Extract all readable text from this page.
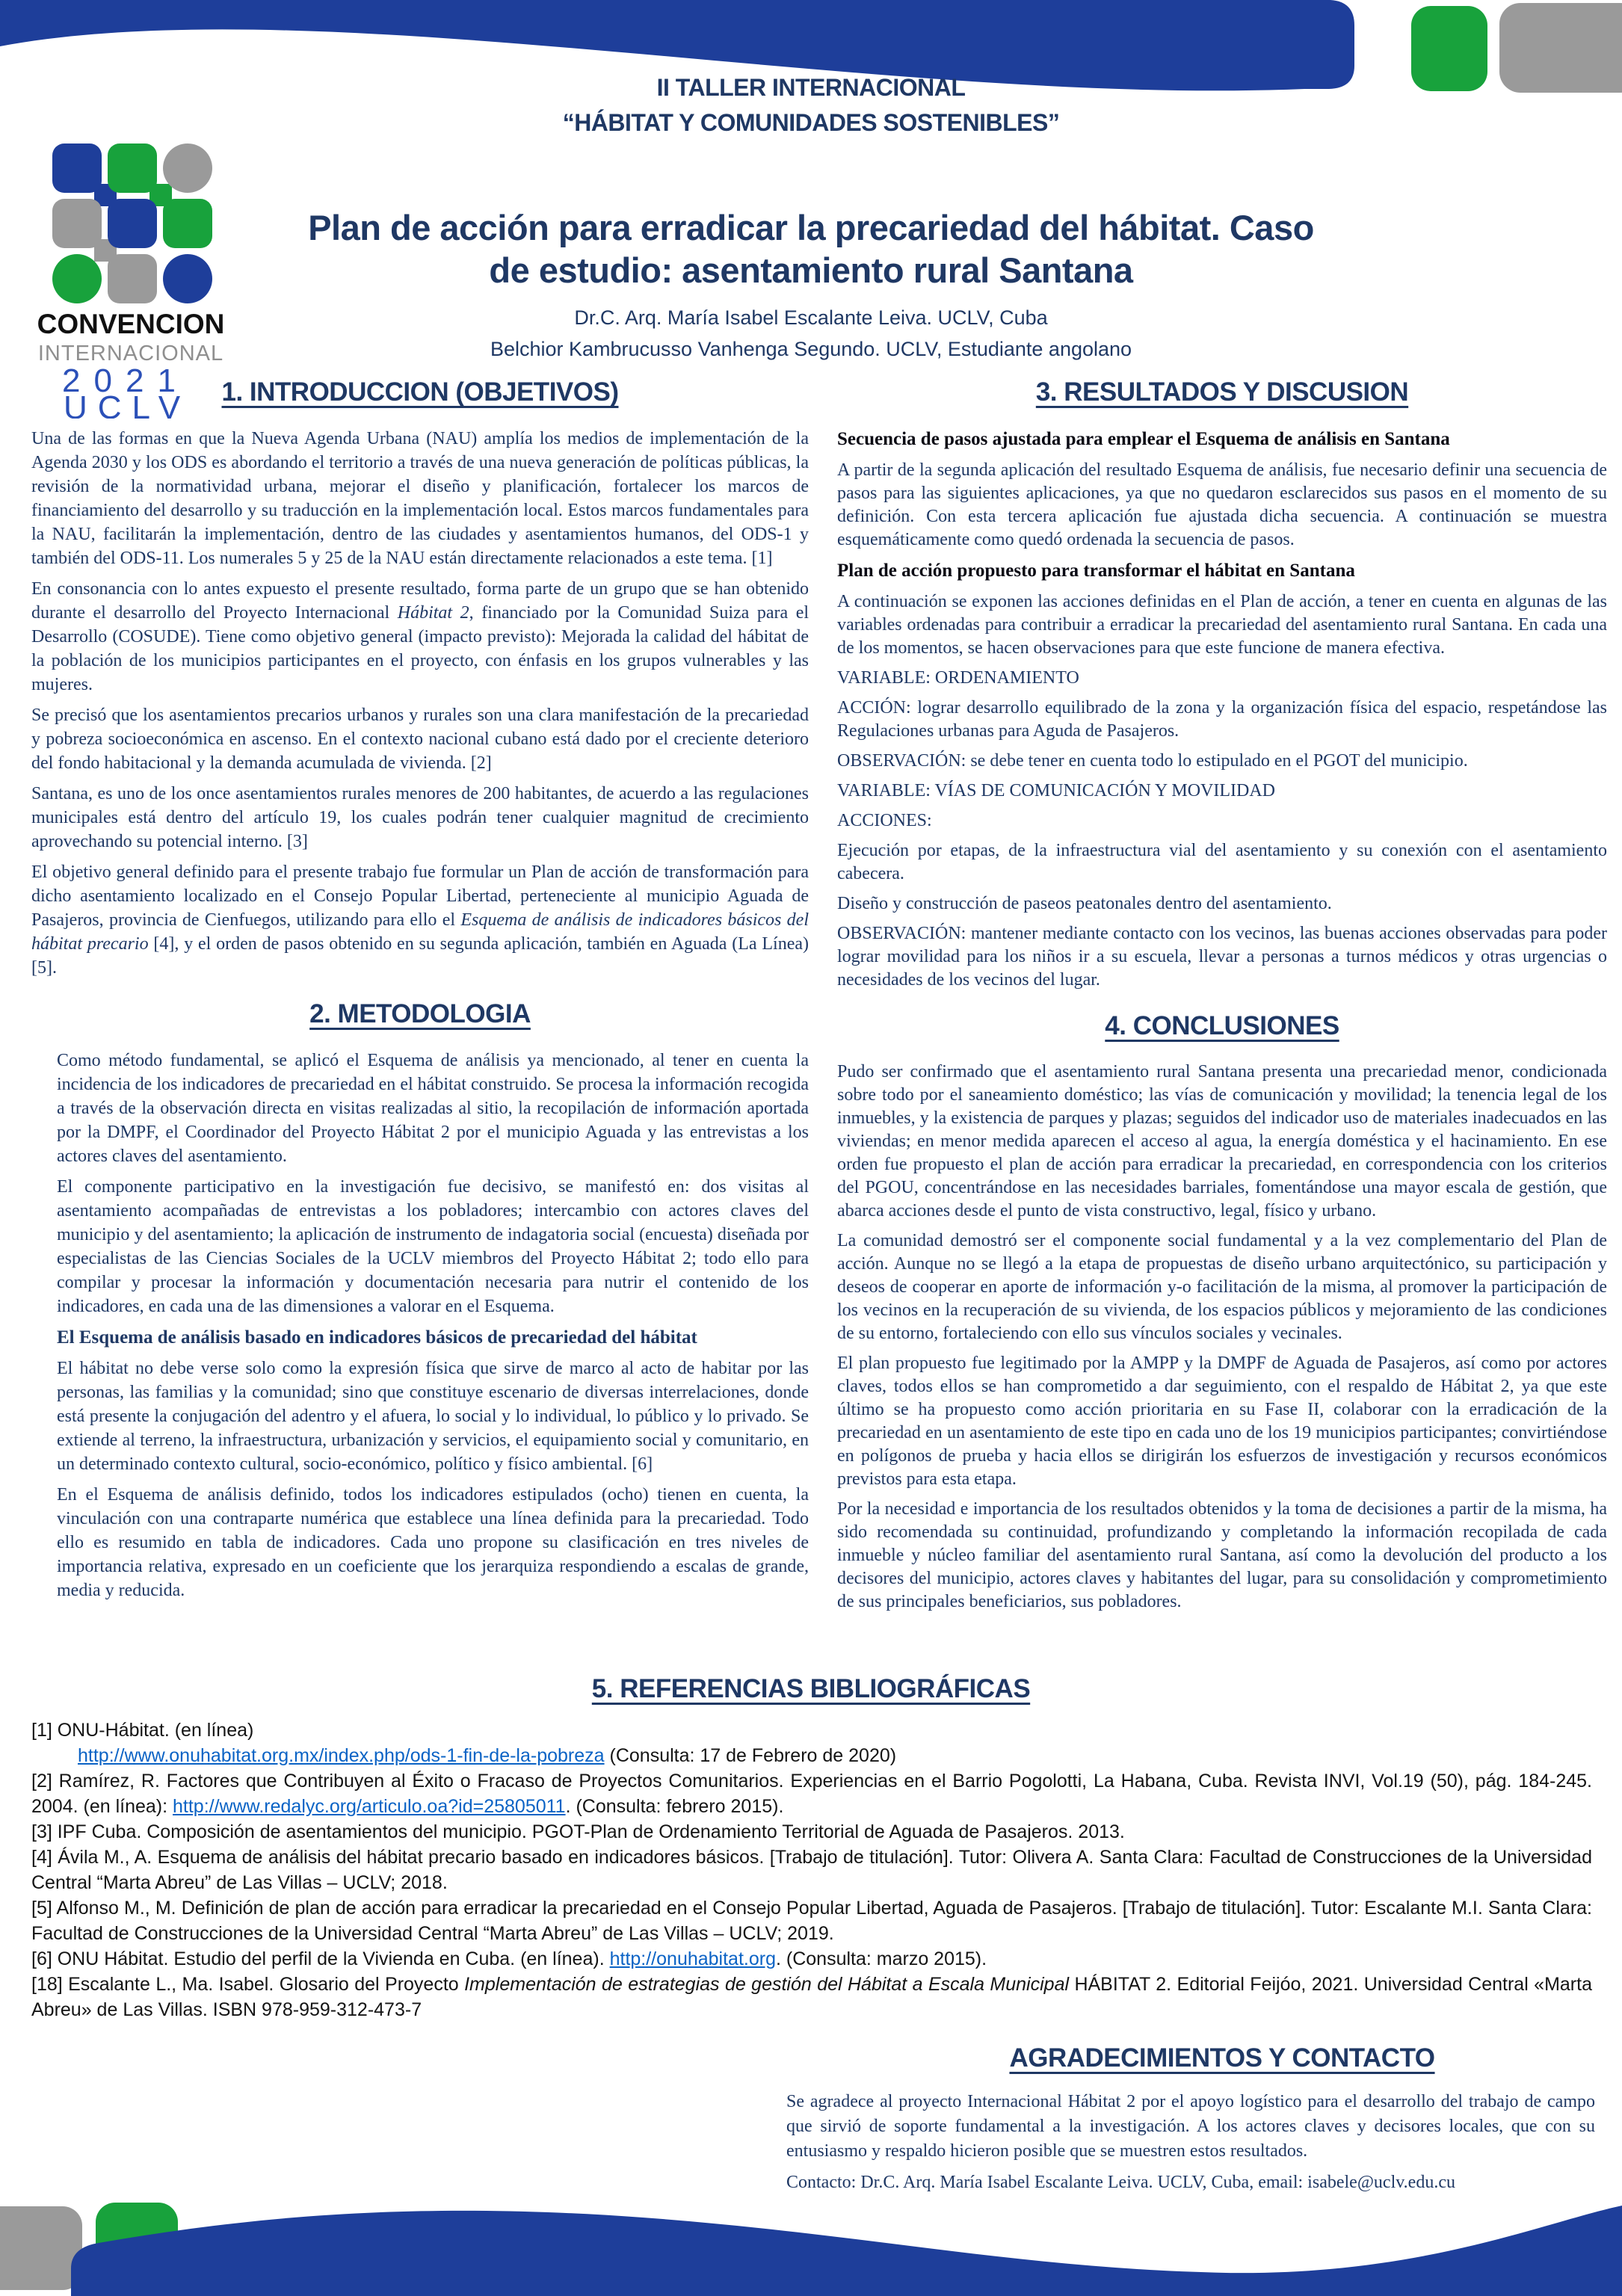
II TALLER INTERNACIONAL
“HÁBITAT Y COMUNIDADES SOSTENIBLES”
CONVENCION
INTERNACIONAL
2021
UCLV
Plan de acción para erradicar la precariedad del hábitat. Caso
de estudio: asentamiento rural Santana
Dr.C. Arq. María Isabel Escalante Leiva. UCLV, Cuba
Belchior Kambrucusso Vanhenga Segundo. UCLV, Estudiante angolano
1. INTRODUCCION (OBJETIVOS)

Una de las formas en que la Nueva Agenda Urbana (NAU) amplía los medios de implementación de la Agenda 2030 y los ODS es abordando el territorio a través de una nueva generación de políticas públicas, la revisión de la normatividad urbana, mejorar el diseño y planificación, fortalecer los marcos de financiamiento del desarrollo y su traducción en la implementación local. Estos marcos fundamentales para la NAU, facilitarán la implementación, dentro de las ciudades y asentamientos humanos, del ODS-1 y también del ODS-11. Los numerales 5 y 25 de la NAU están directamente relacionados a este tema. [1]

En consonancia con lo antes expuesto el presente resultado, forma parte de un grupo que se han obtenido durante el desarrollo del Proyecto Internacional Hábitat 2, financiado por la Comunidad Suiza para el Desarrollo (COSUDE). Tiene como objetivo general (impacto previsto): Mejorada la calidad del hábitat de la población de los municipios participantes en el proyecto, con énfasis en los grupos vulnerables y las mujeres.

Se precisó que los asentamientos precarios urbanos y rurales son una clara manifestación de la precariedad y pobreza socioeconómica en ascenso. En el contexto nacional cubano está dado por el creciente deterioro del fondo habitacional y la demanda acumulada de vivienda. [2]

Santana, es uno de los once asentamientos rurales menores de 200 habitantes, de acuerdo a las regulaciones municipales está dentro del artículo 19, los cuales podrán tener cualquier magnitud de crecimiento aprovechando su potencial interno. [3]

El objetivo general definido para el presente trabajo fue formular un Plan de acción de transformación para dicho asentamiento localizado en el Consejo Popular Libertad, perteneciente al municipio Aguada de Pasajeros, provincia de Cienfuegos, utilizando para ello el Esquema de análisis de indicadores básicos del hábitat precario [4], y el orden de pasos obtenido en su segunda aplicación, también en Aguada (La Línea) [5].

2. METODOLOGIA

Como método fundamental, se aplicó el Esquema de análisis ya mencionado, al tener en cuenta la incidencia de los indicadores de precariedad en el hábitat construido. Se procesa la información recogida a través de la observación directa en visitas realizadas al sitio, la recopilación de información aportada por la DMPF, el Coordinador del Proyecto Hábitat 2 por el municipio Aguada y las entrevistas a los actores claves del asentamiento.

El componente participativo en la investigación fue decisivo, se manifestó en: dos visitas al asentamiento acompañadas de entrevistas a los pobladores; intercambio con actores claves del municipio y del asentamiento; la aplicación de instrumento de indagatoria social (encuesta) diseñada por especialistas de las Ciencias Sociales de la UCLV miembros del Proyecto Hábitat 2; todo ello para compilar y procesar la información y documentación necesaria para nutrir el contenido de los indicadores, en cada una de las dimensiones a valorar en el Esquema.

El Esquema de análisis basado en indicadores básicos de precariedad del hábitat

El hábitat no debe verse solo como la expresión física que sirve de marco al acto de habitar por las personas, las familias y la comunidad; sino que constituye escenario de diversas interrelaciones, donde está presente la conjugación del adentro y el afuera, lo social y lo individual, lo público y lo privado. Se extiende al terreno, la infraestructura, urbanización y servicios, el equipamiento social y comunitario, en un determinado contexto cultural, socio-económico, político y físico ambiental. [6]

En el Esquema de análisis definido, todos los indicadores estipulados (ocho) tienen en cuenta, la vinculación con una contraparte numérica que establece una línea definida para la precariedad. Todo ello es resumido en tabla de indicadores. Cada uno propone su clasificación en tres niveles de importancia relativa, expresado en un coeficiente que los jerarquiza respondiendo a escalas de grande, media y reducida.

3. RESULTADOS Y DISCUSION

Secuencia de pasos ajustada para emplear el Esquema de análisis en Santana

A partir de la segunda aplicación del resultado Esquema de análisis, fue necesario definir una secuencia de pasos para las siguientes aplicaciones, ya que no quedaron esclarecidos sus pasos en el momento de su definición. Con esta tercera aplicación fue ajustada dicha secuencia. A continuación se muestra esquemáticamente como quedó ordenada la secuencia de pasos.

Plan de acción propuesto para transformar el hábitat en Santana

A continuación se exponen las acciones definidas en el Plan de acción, a tener en cuenta en algunas de las variables ordenadas para contribuir a erradicar la precariedad del asentamiento rural Santana. En cada una de los momentos, se hacen observaciones para que este funcione de manera efectiva.

VARIABLE: ORDENAMIENTO

ACCIÓN: lograr desarrollo equilibrado de la zona y la organización física del espacio, respetándose las Regulaciones urbanas para Aguda de Pasajeros.

OBSERVACIÓN: se debe tener en cuenta todo lo estipulado en el PGOT del municipio.

VARIABLE: VÍAS DE COMUNICACIÓN Y MOVILIDAD

ACCIONES:

Ejecución por etapas, de la infraestructura vial del asentamiento y su conexión con el asentamiento cabecera.

Diseño y construcción de paseos peatonales dentro del asentamiento.

OBSERVACIÓN: mantener mediante contacto con los vecinos, las buenas acciones observadas para poder lograr movilidad para los niños ir a su escuela, llevar a personas a turnos médicos y otras urgencias o necesidades de los vecinos del lugar.

4. CONCLUSIONES

Pudo ser confirmado que el asentamiento rural Santana presenta una precariedad menor, condicionada sobre todo por el saneamiento doméstico; las vías de comunicación y movilidad; la tenencia legal de los inmuebles, y la existencia de parques y plazas; seguidos del indicador uso de materiales inadecuados en las viviendas; en menor medida aparecen el acceso al agua, la energía doméstica y el hacinamiento. En ese orden fue propuesto el plan de acción para erradicar la precariedad, en correspondencia con los criterios del PGOU, concentrándose en las necesidades barriales, fomentándose una mayor escala de gestión, que abarca acciones desde el punto de vista constructivo, legal, físico y urbano.

La comunidad demostró ser el componente social fundamental y a la vez complementario del Plan de acción. Aunque no se llegó a la etapa de propuestas de diseño urbano arquitectónico, su participación y deseos de cooperar en aporte de información y-o facilitación de la misma, al promover la participación de los vecinos en la recuperación de su vivienda, de los espacios públicos y mejoramiento de las condiciones de su entorno, fortaleciendo con ello sus vínculos sociales y vecinales.

El plan propuesto fue legitimado por la AMPP y la DMPF de Aguada de Pasajeros, así como por actores claves, todos ellos se han comprometido a dar seguimiento, con el respaldo de Hábitat 2, ya que este último se ha propuesto como acción prioritaria en su Fase II, colaborar con la erradicación de la precariedad en un asentamiento de este tipo en cada uno de los 19 municipios participantes; convirtiéndose en polígonos de prueba y hacia ellos se dirigirán los esfuerzos de investigación y recursos económicos previstos para esta etapa.

Por la necesidad e importancia de los resultados obtenidos y la toma de decisiones a partir de la misma, ha sido recomendada su continuidad, profundizando y completando la información recopilada de cada inmueble y núcleo familiar del asentamiento rural Santana, así como la devolución del producto a los decisores del municipio, actores claves y habitantes del lugar, para su consolidación y comprometimiento de sus principales beneficiarios, sus pobladores.

5. REFERENCIAS BIBLIOGRÁFICAS

[1] ONU-Hábitat. (en línea)

http://www.onuhabitat.org.mx/index.php/ods-1-fin-de-la-pobreza (Consulta: 17 de Febrero de 2020)

[2] Ramírez, R. Factores que Contribuyen al Éxito o Fracaso de Proyectos Comunitarios. Experiencias en el Barrio Pogolotti, La Habana, Cuba. Revista INVI, Vol.19 (50), pág. 184-245. 2004. (en línea): http://www.redalyc.org/articulo.oa?id=25805011. (Consulta: febrero 2015).

[3] IPF Cuba. Composición de asentamientos del municipio. PGOT-Plan de Ordenamiento Territorial de Aguada de Pasajeros. 2013.

[4] Ávila M., A. Esquema de análisis del hábitat precario basado en indicadores básicos. [Trabajo de titulación]. Tutor: Olivera A. Santa Clara: Facultad de Construcciones de la Universidad Central “Marta Abreu” de Las Villas – UCLV; 2018.

[5] Alfonso M., M. Definición de plan de acción para erradicar la precariedad en el Consejo Popular Libertad, Aguada de Pasajeros. [Trabajo de titulación]. Tutor: Escalante M.I. Santa Clara: Facultad de Construcciones de la Universidad Central “Marta Abreu” de Las Villas – UCLV; 2019.

[6] ONU Hábitat. Estudio del perfil de la Vivienda en Cuba. (en línea). http://onuhabitat.org. (Consulta: marzo 2015).

[18] Escalante L., Ma. Isabel. Glosario del Proyecto Implementación de estrategias de gestión del Hábitat a Escala Municipal HÁBITAT 2. Editorial Feijóo, 2021. Universidad Central «Marta Abreu» de Las Villas. ISBN 978-959-312-473-7

AGRADECIMIENTOS Y CONTACTO

Se agradece al proyecto Internacional Hábitat 2 por el apoyo logístico para el desarrollo del trabajo de campo que sirvió de soporte fundamental a la investigación. A los actores claves y decisores locales, que con su entusiasmo y respaldo hicieron posible que se muestren estos resultados.

Contacto: Dr.C. Arq. María Isabel Escalante Leiva. UCLV, Cuba, email: isabele@uclv.edu.cu
